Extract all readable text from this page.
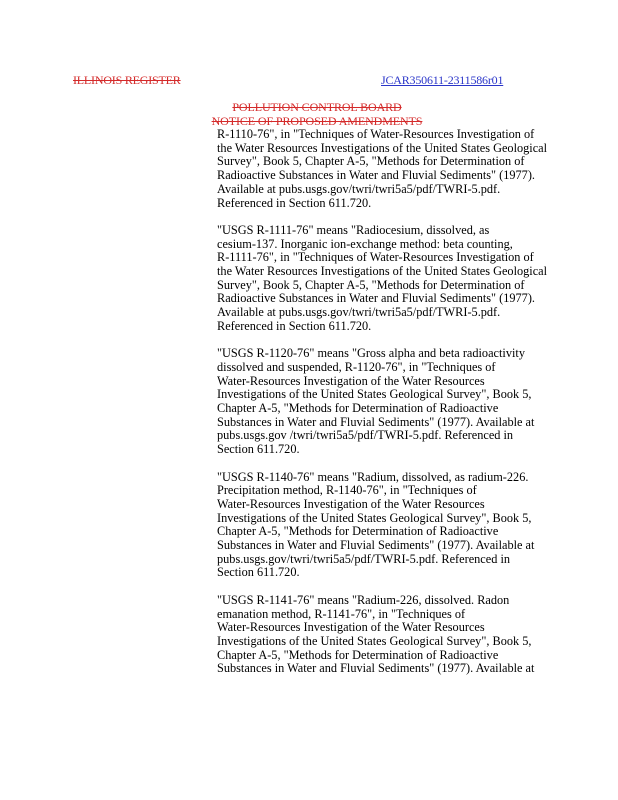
ILLINOIS REGISTER	JCAR350611-2311586r01
POLLUTION CONTROL BOARD
NOTICE OF PROPOSED AMENDMENTS

R-1110-76", in "Techniques of Water-Resources Investigation of
the Water Resources Investigations of the United States Geological
Survey", Book 5, Chapter A-5, "Methods for Determination of
Radioactive Substances in Water and Fluvial Sediments" (1977).
Available at pubs.usgs.gov/twri/twri5a5/pdf/TWRI-5.pdf.
Referenced in Section 611.720.

"USGS R-1111-76" means "Radiocesium, dissolved, as
cesium-137. Inorganic ion-exchange method: beta counting,
R-1111-76", in "Techniques of Water-Resources Investigation of
the Water Resources Investigations of the United States Geological
Survey", Book 5, Chapter A-5, "Methods for Determination of
Radioactive Substances in Water and Fluvial Sediments" (1977).
Available at pubs.usgs.gov/twri/twri5a5/pdf/TWRI-5.pdf.
Referenced in Section 611.720.

"USGS R-1120-76" means "Gross alpha and beta radioactivity
dissolved and suspended, R-1120-76", in "Techniques of
Water-Resources Investigation of the Water Resources
Investigations of the United States Geological Survey", Book 5,
Chapter A-5, "Methods for Determination of Radioactive
Substances in Water and Fluvial Sediments" (1977). Available at
pubs.usgs.gov /twri/twri5a5/pdf/TWRI-5.pdf. Referenced in
Section 611.720.

"USGS R-1140-76" means "Radium, dissolved, as radium-226.
Precipitation method, R-1140-76", in "Techniques of
Water-Resources Investigation of the Water Resources
Investigations of the United States Geological Survey", Book 5,
Chapter A-5, "Methods for Determination of Radioactive
Substances in Water and Fluvial Sediments" (1977). Available at
pubs.usgs.gov/twri/twri5a5/pdf/TWRI-5.pdf. Referenced in
Section 611.720.

"USGS R-1141-76" means "Radium-226, dissolved. Radon
emanation method, R-1141-76", in "Techniques of
Water-Resources Investigation of the Water Resources
Investigations of the United States Geological Survey", Book 5,
Chapter A-5, "Methods for Determination of Radioactive
Substances in Water and Fluvial Sediments" (1977). Available at
